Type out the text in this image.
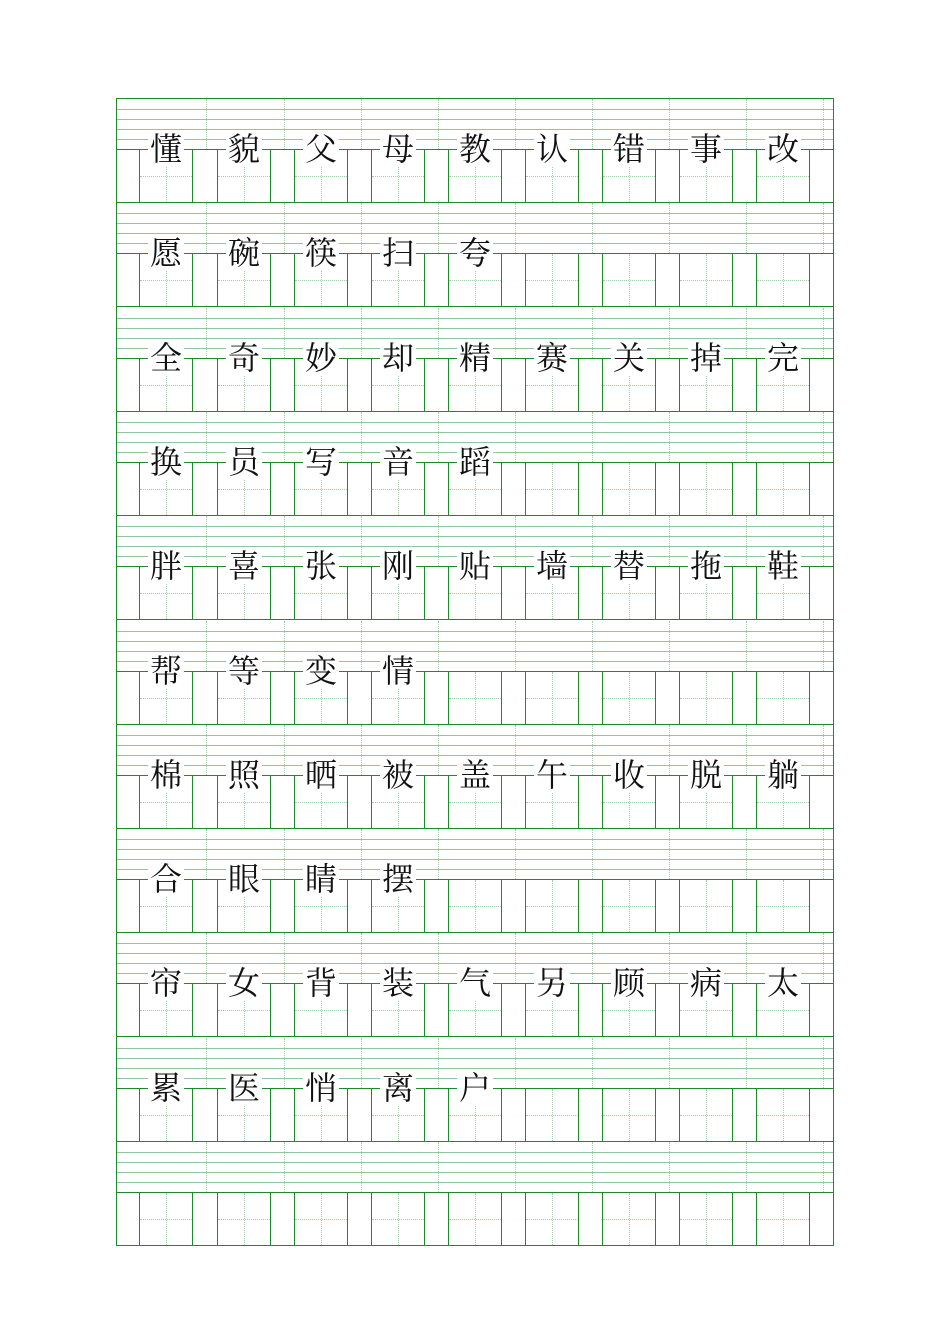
懂 貌 父 母 教 认 错 事 改
愿 碗 筷 扫 夸
全 奇 妙 却 精 赛 关 掉 完
换 员 写 音 蹈
胖 喜 张 刚 贴 墙 替 拖 鞋
帮 等 变 情
棉 照 晒 被 盖 午 收 脱 躺
合 眼 睛 摆
帘 女 背 装 气 另 顾 病 太
累 医 悄 离 户
